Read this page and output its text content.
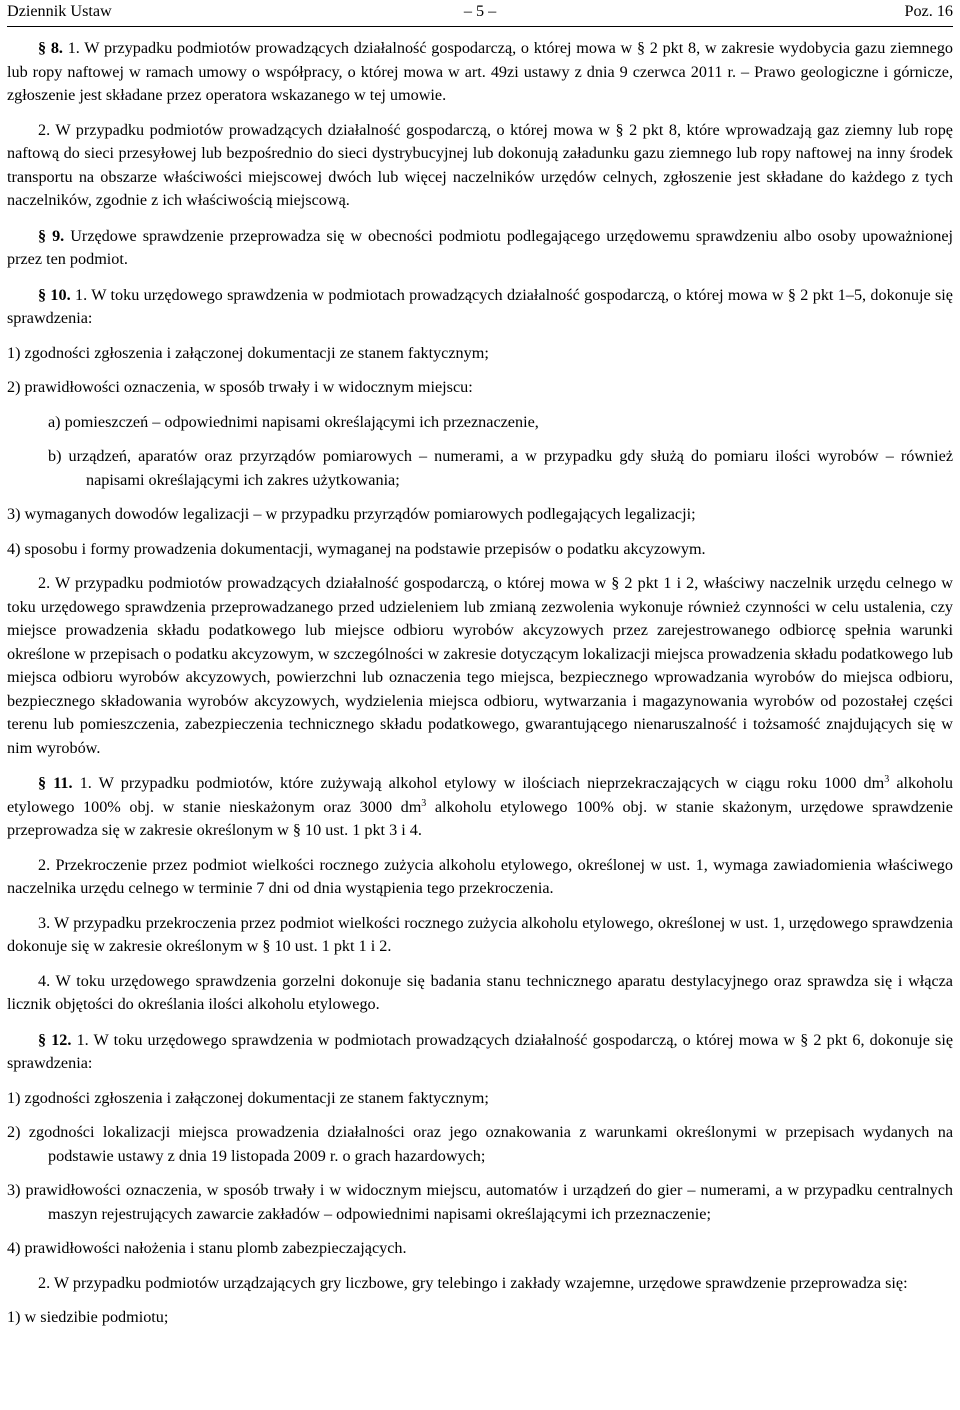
Dziennik Ustaw	– 5 –	Poz. 16

§ 8. 1. W przypadku podmiotów prowadzących działalność gospodarczą, o której mowa w § 2 pkt 8, w zakresie wydobycia gazu ziemnego lub ropy naftowej w ramach umowy o współpracy, o której mowa w art. 49zi ustawy z dnia 9 czerwca 2011 r. – Prawo geologiczne i górnicze, zgłoszenie jest składane przez operatora wskazanego w tej umowie.

2. W przypadku podmiotów prowadzących działalność gospodarczą, o której mowa w § 2 pkt 8, które wprowadzają gaz ziemny lub ropę naftową do sieci przesyłowej lub bezpośrednio do sieci dystrybucyjnej lub dokonują załadunku gazu ziemnego lub ropy naftowej na inny środek transportu na obszarze właściwości miejscowej dwóch lub więcej naczelników urzędów celnych, zgłoszenie jest składane do każdego z tych naczelników, zgodnie z ich właściwością miejscową.

§ 9. Urzędowe sprawdzenie przeprowadza się w obecności podmiotu podlegającego urzędowemu sprawdzeniu albo osoby upoważnionej przez ten podmiot.

§ 10. 1. W toku urzędowego sprawdzenia w podmiotach prowadzących działalność gospodarczą, o której mowa w § 2 pkt 1–5, dokonuje się sprawdzenia:

1) zgodności zgłoszenia i załączonej dokumentacji ze stanem faktycznym;

2) prawidłowości oznaczenia, w sposób trwały i w widocznym miejscu:

a) pomieszczeń – odpowiednimi napisami określającymi ich przeznaczenie,

b) urządzeń, aparatów oraz przyrządów pomiarowych – numerami, a w przypadku gdy służą do pomiaru ilości wyrobów – również napisami określającymi ich zakres użytkowania;

3) wymaganych dowodów legalizacji – w przypadku przyrządów pomiarowych podlegających legalizacji;

4) sposobu i formy prowadzenia dokumentacji, wymaganej na podstawie przepisów o podatku akcyzowym.

2. W przypadku podmiotów prowadzących działalność gospodarczą, o której mowa w § 2 pkt 1 i 2, właściwy naczelnik urzędu celnego w toku urzędowego sprawdzenia przeprowadzanego przed udzieleniem lub zmianą zezwolenia wykonuje również czynności w celu ustalenia, czy miejsce prowadzenia składu podatkowego lub miejsce odbioru wyrobów akcyzowych przez zarejestrowanego odbiorcę spełnia warunki określone w przepisach o podatku akcyzowym, w szczególności w zakresie dotyczącym lokalizacji miejsca prowadzenia składu podatkowego lub miejsca odbioru wyrobów akcyzowych, powierzchni lub oznaczenia tego miejsca, bezpiecznego wprowadzania wyrobów do miejsca odbioru, bezpiecznego składowania wyrobów akcyzowych, wydzielenia miejsca odbioru, wytwarzania i magazynowania wyrobów od pozostałej części terenu lub pomieszczenia, zabezpieczenia technicznego składu podatkowego, gwarantującego nienaruszalność i tożsamość znajdujących się w nim wyrobów.

§ 11. 1. W przypadku podmiotów, które zużywają alkohol etylowy w ilościach nieprzekraczających w ciągu roku 1000 $dm^3$ alkoholu etylowego 100% obj. w stanie nieskażonym oraz 3000 $dm^3$ alkoholu etylowego 100% obj. w stanie skażonym, urzędowe sprawdzenie przeprowadza się w zakresie określonym w § 10 ust. 1 pkt 3 i 4.

2. Przekroczenie przez podmiot wielkości rocznego zużycia alkoholu etylowego, określonej w ust. 1, wymaga zawiadomienia właściwego naczelnika urzędu celnego w terminie 7 dni od dnia wystąpienia tego przekroczenia.

3. W przypadku przekroczenia przez podmiot wielkości rocznego zużycia alkoholu etylowego, określonej w ust. 1, urzędowego sprawdzenia dokonuje się w zakresie określonym w § 10 ust. 1 pkt 1 i 2.

4. W toku urzędowego sprawdzenia gorzelni dokonuje się badania stanu technicznego aparatu destylacyjnego oraz sprawdza się i włącza licznik objętości do określania ilości alkoholu etylowego.

§ 12. 1. W toku urzędowego sprawdzenia w podmiotach prowadzących działalność gospodarczą, o której mowa w § 2 pkt 6, dokonuje się sprawdzenia:

1) zgodności zgłoszenia i załączonej dokumentacji ze stanem faktycznym;

2) zgodności lokalizacji miejsca prowadzenia działalności oraz jego oznakowania z warunkami określonymi w przepisach wydanych na podstawie ustawy z dnia 19 listopada 2009 r. o grach hazardowych;

3) prawidłowości oznaczenia, w sposób trwały i w widocznym miejscu, automatów i urządzeń do gier – numerami, a w przypadku centralnych maszyn rejestrujących zawarcie zakładów – odpowiednimi napisami określającymi ich przeznaczenie;

4) prawidłowości nałożenia i stanu plomb zabezpieczających.

2. W przypadku podmiotów urządzających gry liczbowe, gry telebingo i zakłady wzajemne, urzędowe sprawdzenie przeprowadza się:

1) w siedzibie podmiotu;
